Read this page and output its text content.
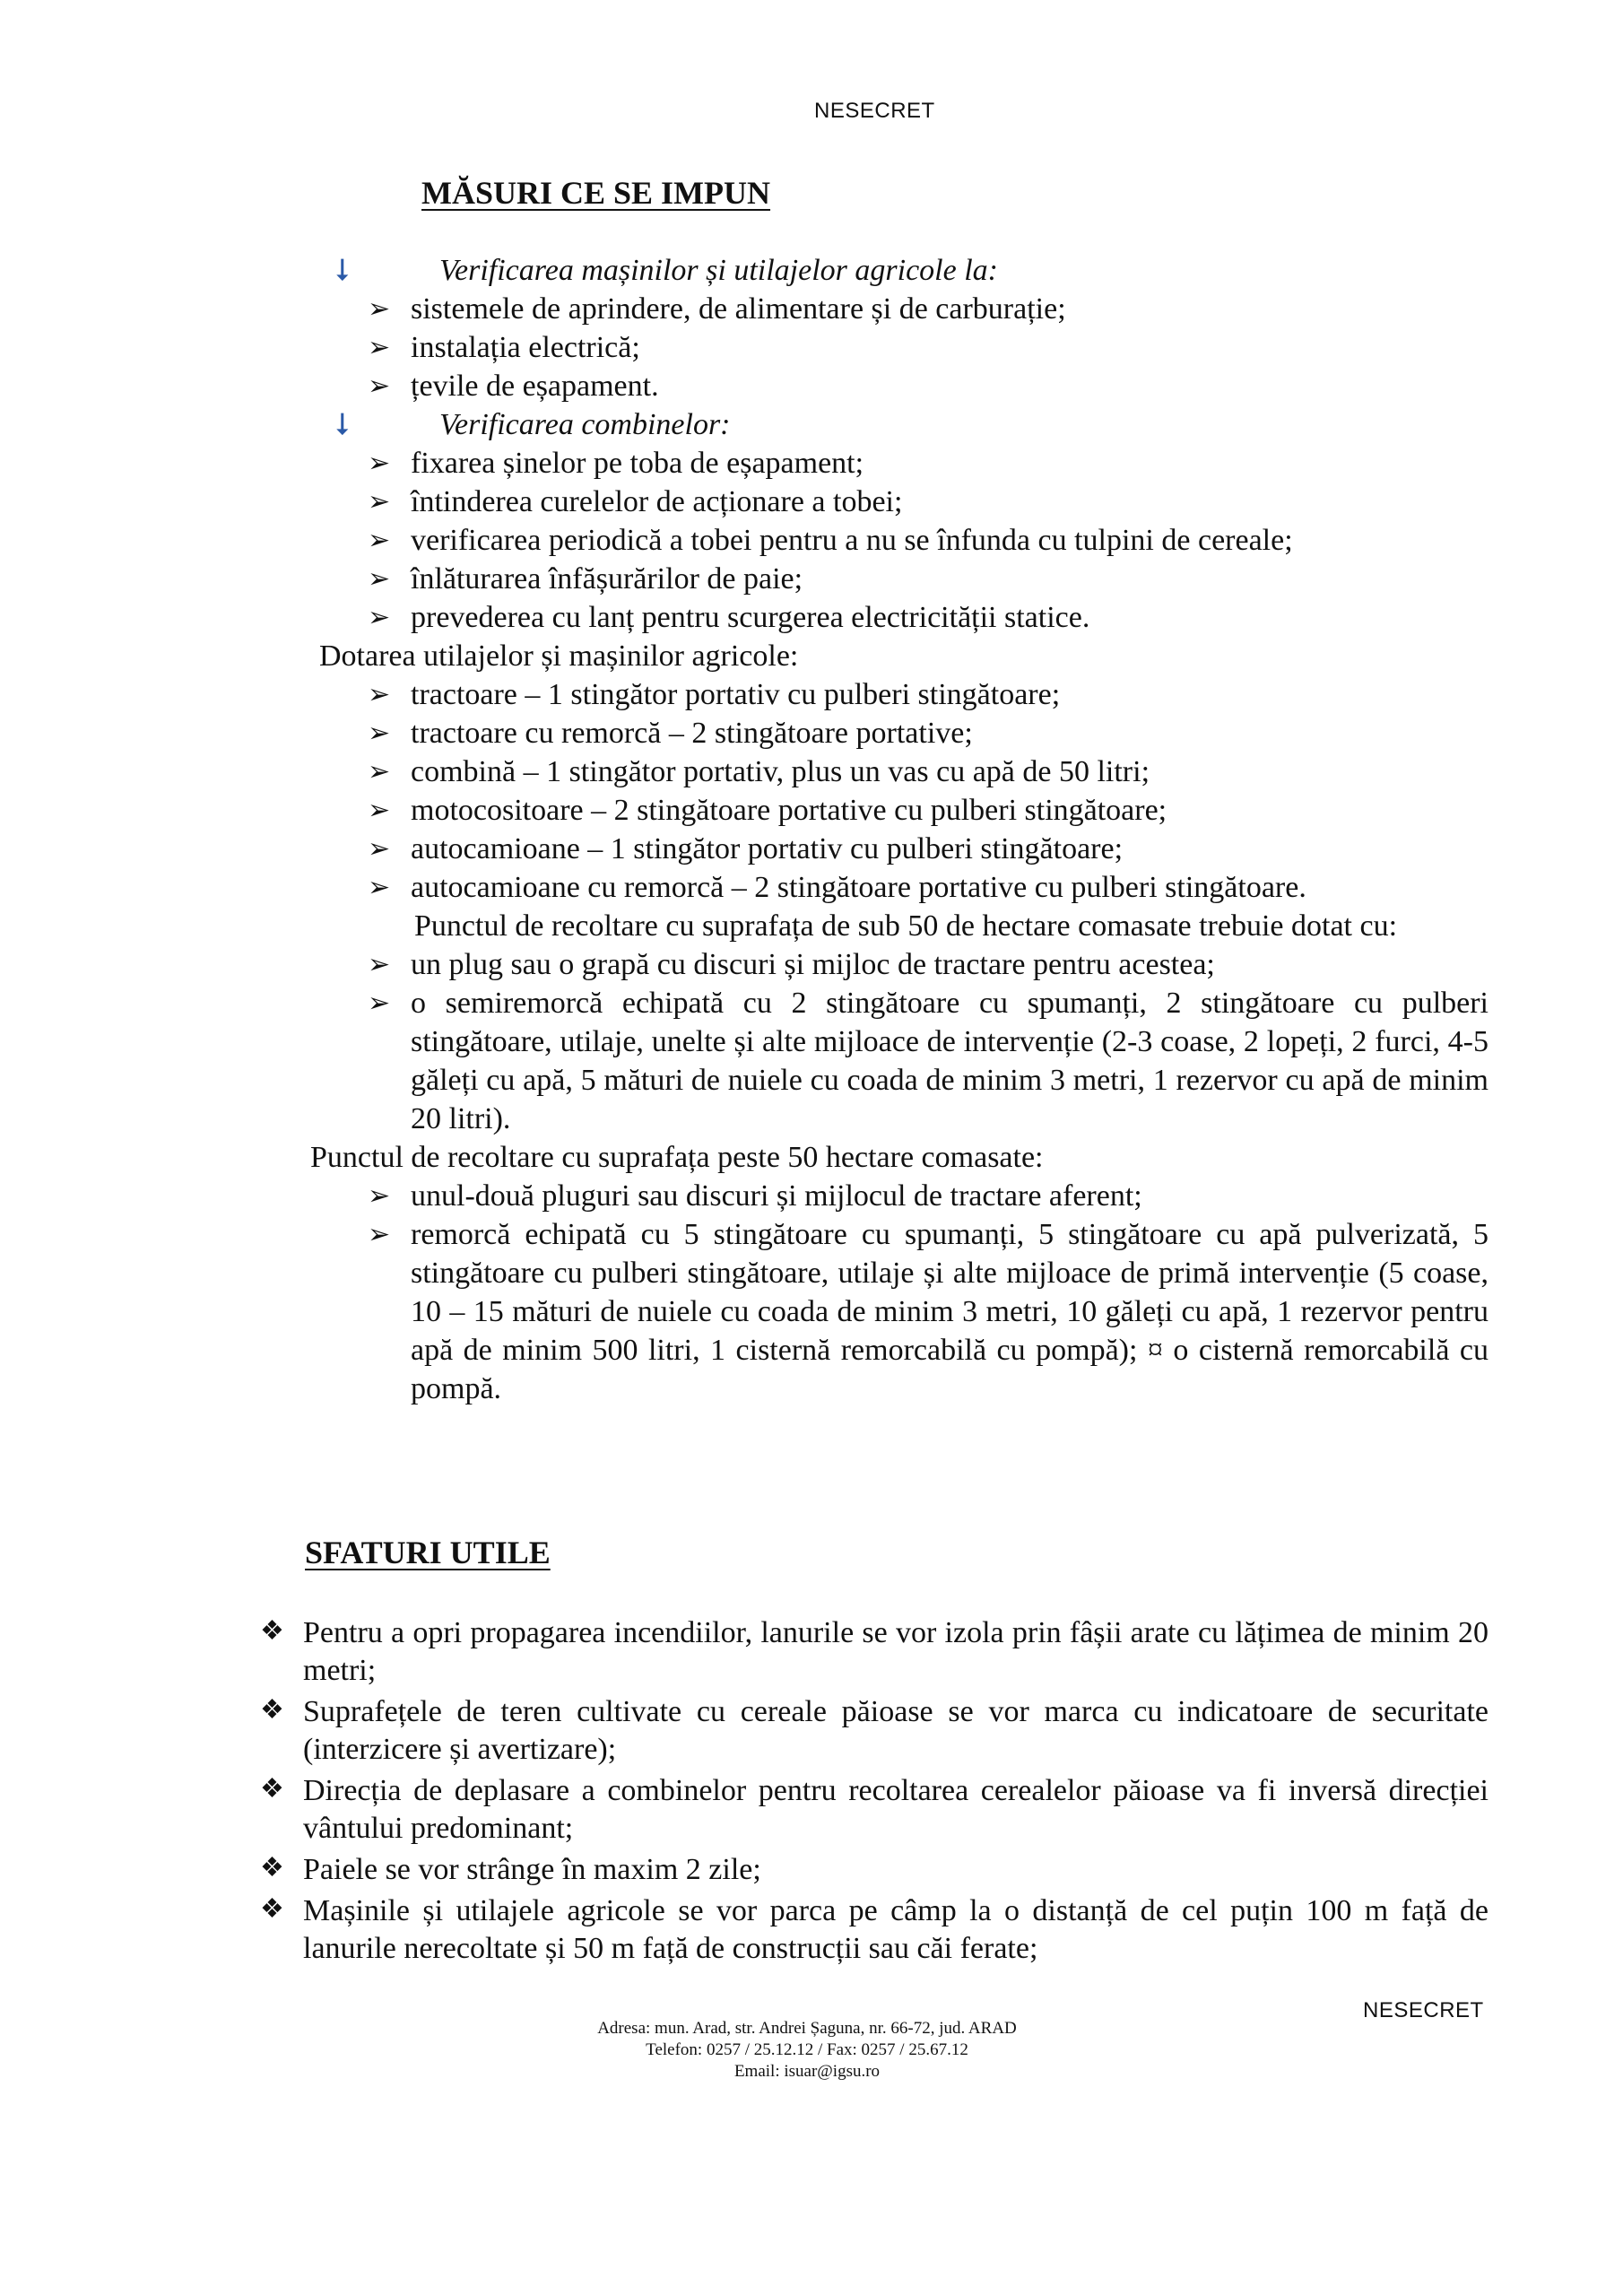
NESECRET
MĂSURI CE SE IMPUN
⭣	Verificarea mașinilor și utilajelor agricole la:
➢ sistemele de aprindere, de alimentare și de carburație;
➢ instalația electrică;
➢ țevile de eșapament.
⭣	Verificarea combinelor:
➢ fixarea șinelor pe toba de eșapament;
➢ întinderea curelelor de acționare a tobei;
➢ verificarea periodică a tobei pentru a nu se înfunda cu tulpini de cereale;
➢ înlăturarea înfășurărilor de paie;
➢ prevederea cu lanț pentru scurgerea electricității statice.
Dotarea utilajelor și mașinilor agricole:
➢ tractoare – 1 stingător portativ cu pulberi stingătoare;
➢ tractoare cu remorcă – 2 stingătoare portative;
➢ combină – 1 stingător portativ, plus un vas cu apă de 50 litri;
➢ motocositoare – 2 stingătoare portative cu pulberi stingătoare;
➢ autocamioane – 1 stingător portativ cu pulberi stingătoare;
➢ autocamioane cu remorcă – 2 stingătoare portative cu pulberi stingătoare.
Punctul de recoltare cu suprafața de sub 50 de hectare comasate trebuie dotat cu:
➢ un plug sau o grapă cu discuri și mijloc de tractare pentru acestea;
➢ o semiremorcă echipată cu 2 stingătoare cu spumanți, 2 stingătoare cu pulberi stingătoare, utilaje, unelte și alte mijloace de intervenție (2-3 coase, 2 lopeți, 2 furci, 4-5 găleți cu apă, 5 mături de nuiele cu coada de minim 3 metri, 1 rezervor cu apă de minim 20 litri).
Punctul de recoltare cu suprafața peste 50 hectare comasate:
➢ unul-două pluguri sau discuri și mijlocul de tractare aferent;
➢ remorcă echipată cu 5 stingătoare cu spumanți, 5 stingătoare cu apă pulverizată, 5 stingătoare cu pulberi stingătoare, utilaje și alte mijloace de primă intervenție (5 coase, 10 – 15 mături de nuiele cu coada de minim 3 metri, 10 găleți cu apă, 1 rezervor pentru apă de minim 500 litri, 1 cisternă remorcabilă cu pompă); ¤ o cisternă remorcabilă cu pompă.
SFATURI UTILE
❖ Pentru a opri propagarea incendiilor, lanurile se vor izola prin fâșii arate cu lățimea de minim 20 metri;
❖ Suprafețele de teren cultivate cu cereale păioase se vor marca cu indicatoare de securitate (interzicere și avertizare);
❖ Direcția de deplasare a combinelor pentru recoltarea cerealelor păioase va fi inversă direcției vântului predominant;
❖ Paiele se vor strânge în maxim 2 zile;
❖ Mașinile și utilajele agricole se vor parca pe câmp la o distanță de cel puțin 100 m față de lanurile nerecoltate și 50 m față de construcții sau căi ferate;
NESECRET
Adresa: mun. Arad, str. Andrei Șaguna, nr. 66-72, jud. ARAD
Telefon: 0257 / 25.12.12 / Fax: 0257 / 25.67.12
Email: isuar@igsu.ro
